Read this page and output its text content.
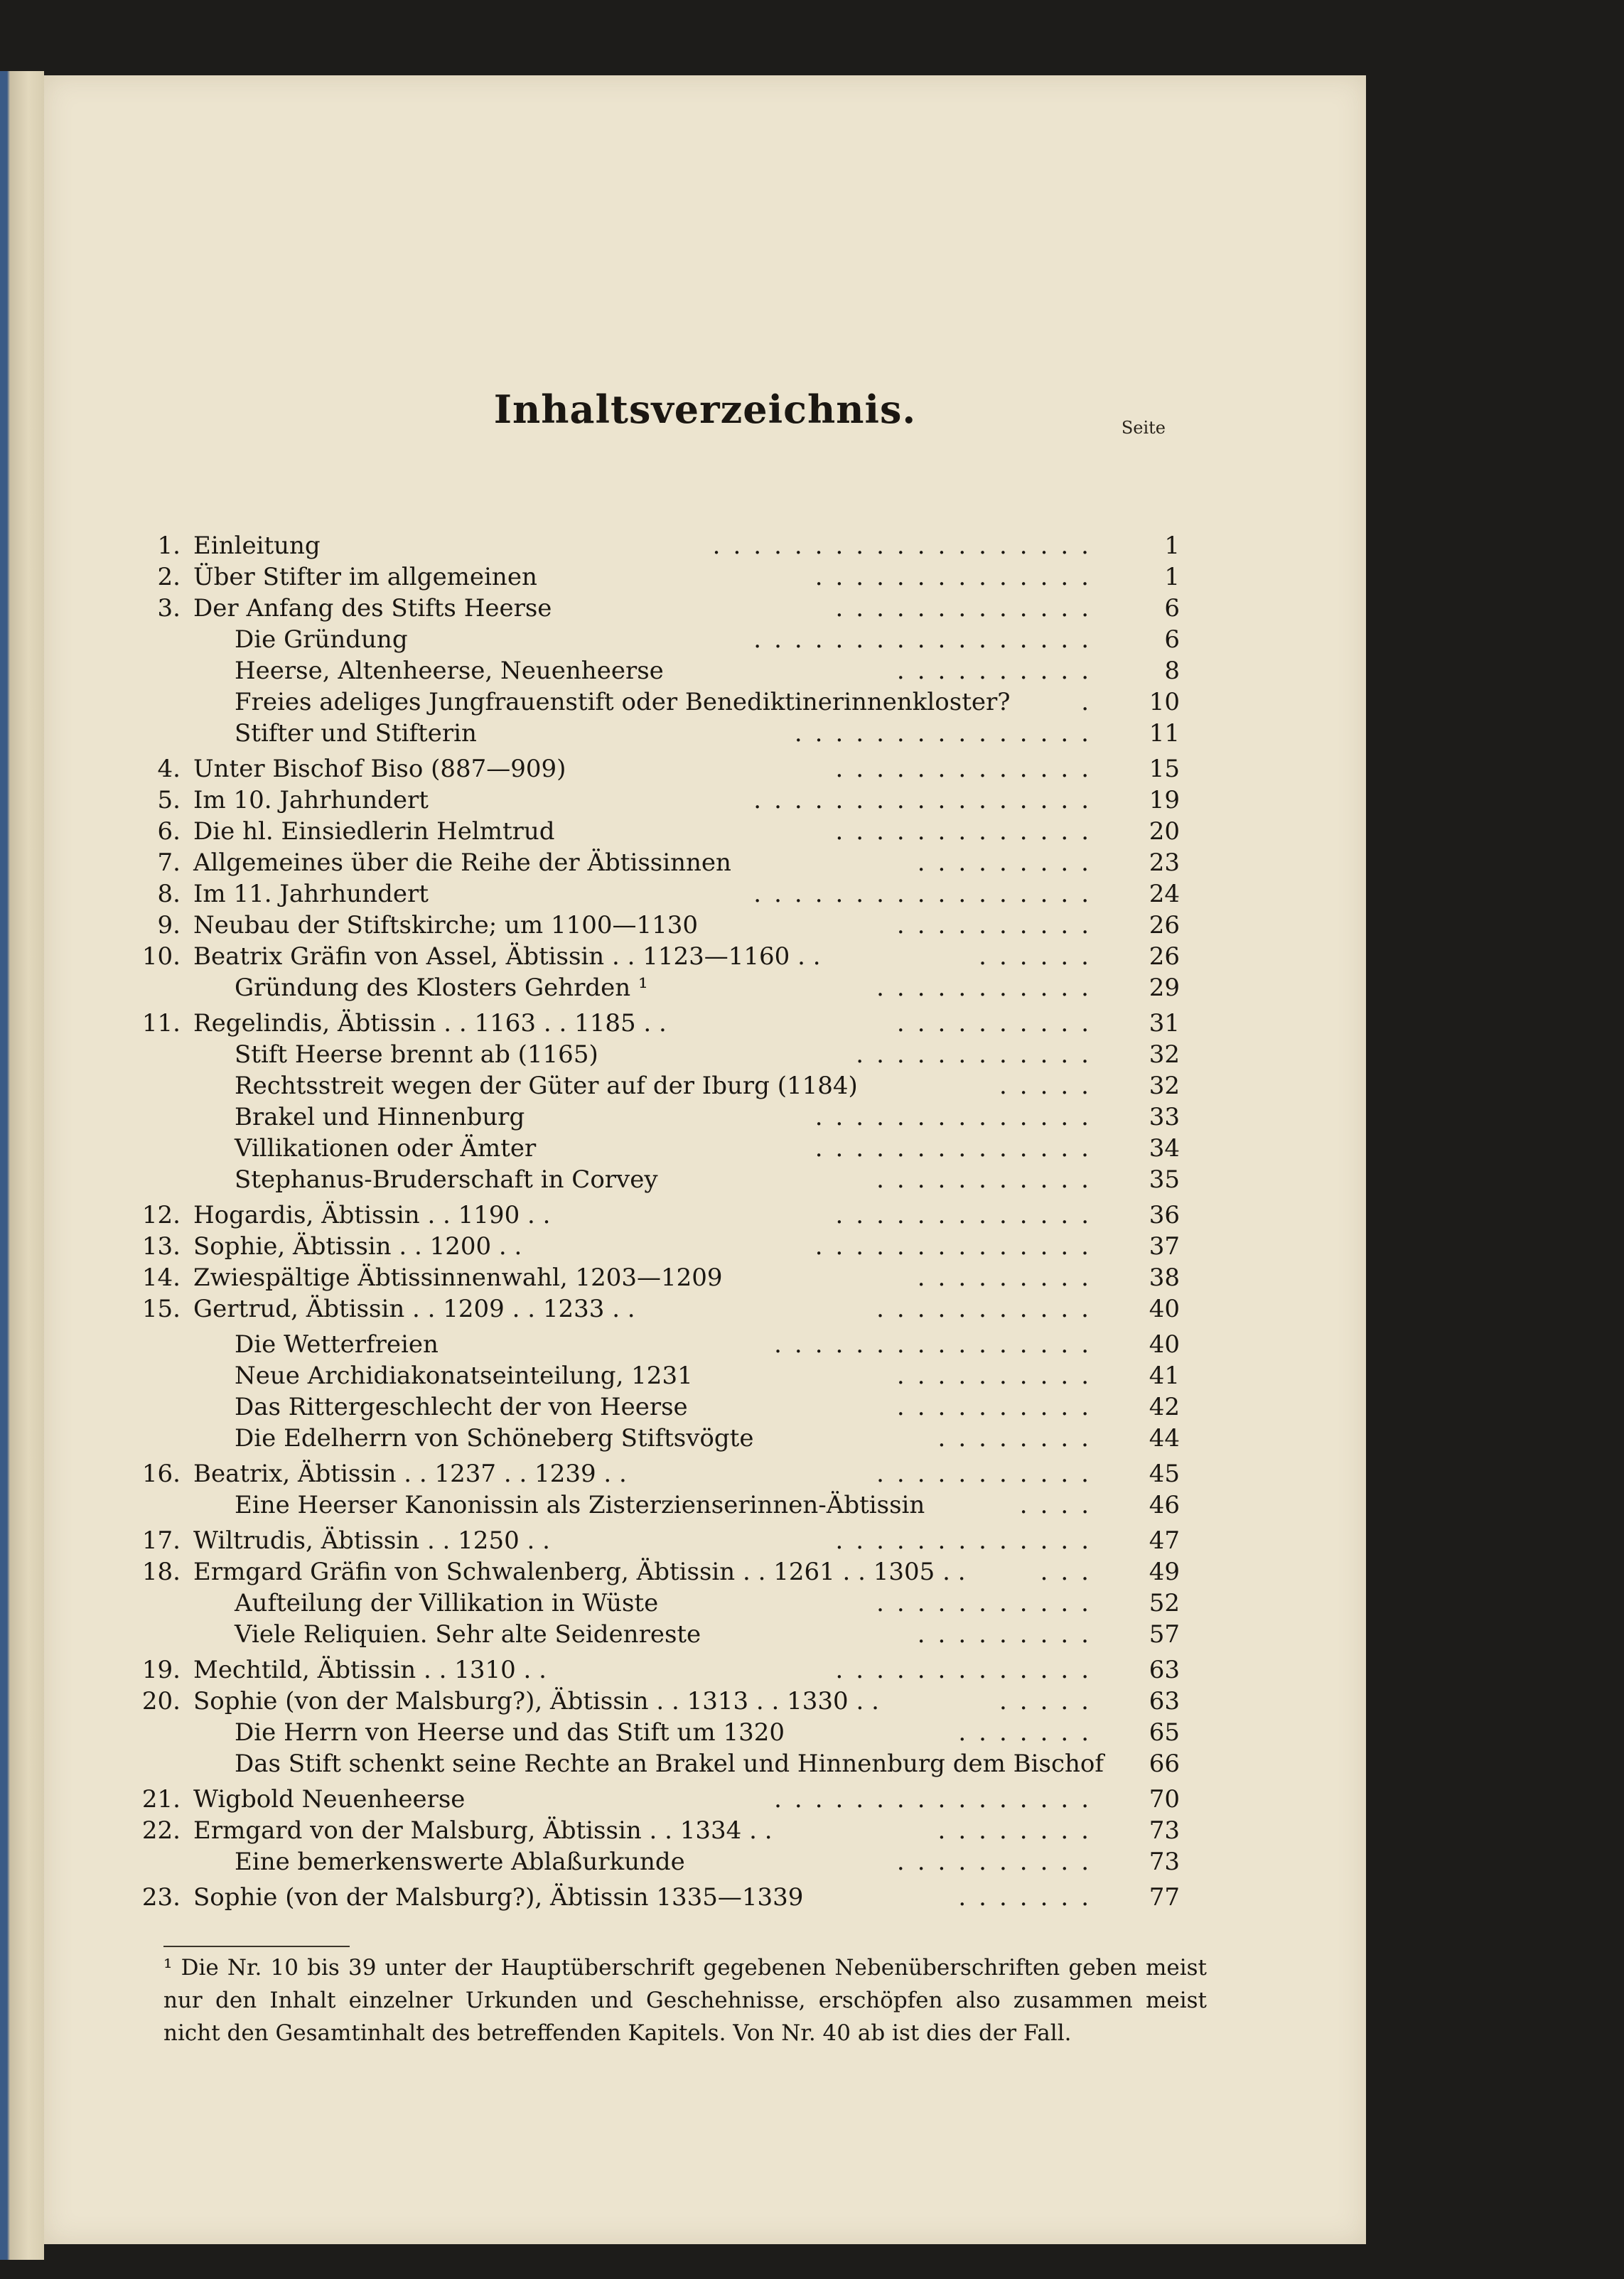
Inhaltsverzeichnis.	Seite
1. Einleitung	1
...................
2. Über Stifter im allgemeinen	1
..............
3. Der Anfang des Stifts Heerse	6
.............
Die Gründung	6
.................
Heerse, Altenheerse, Neuenheerse	8
..........
Freies adeliges Jungfrauenstift oder Benediktinerinnenkloster?	10
.
Stifter und Stifterin	11
...............
4. Unter Bischof Biso (887—909)	15
.............
5. Im 10. Jahrhundert	19
.................
6. Die hl. Einsiedlerin Helmtrud	20
.............
7. Allgemeines über die Reihe der Äbtissinnen	23
.........
8. Im 11. Jahrhundert	24
.................
9. Neubau der Stiftskirche; um 1100—1130	26
..........
10. Beatrix Gräfin von Assel, Äbtissin . . 1123—1160 . .	26
......
Gründung des Klosters Gehrden ¹	29
...........
11. Regelindis, Äbtissin . . 1163 . . 1185 . .	31
..........
Stift Heerse brennt ab (1165)	32
............
Rechtsstreit wegen der Güter auf der Iburg (1184)	32
.....
Brakel und Hinnenburg	33
..............
Villikationen oder Ämter	34
..............
Stephanus-Bruderschaft in Corvey	35
...........
12. Hogardis, Äbtissin . . 1190 . .	36
.............
13. Sophie, Äbtissin . . 1200 . .	37
..............
14. Zwiespältige Äbtissinnenwahl, 1203—1209	38
.........
15. Gertrud, Äbtissin . . 1209 . . 1233 . .	40
...........
Die Wetterfreien	40
................
Neue Archidiakonatseinteilung, 1231	41
..........
Das Rittergeschlecht der von Heerse	42
..........
Die Edelherrn von Schöneberg Stiftsvögte	44
........
16. Beatrix, Äbtissin . . 1237 . . 1239 . .	45
...........
Eine Heerser Kanonissin als Zisterzienserinnen-Äbtissin	46
....
17. Wiltrudis, Äbtissin . . 1250 . .	47
.............
18. Ermgard Gräfin von Schwalenberg, Äbtissin . . 1261 . . 1305 . .	49
...
Aufteilung der Villikation in Wüste	52
...........
Viele Reliquien. Sehr alte Seidenreste	57
.........
19. Mechtild, Äbtissin . . 1310 . .	63
.............
20. Sophie (von der Malsburg?), Äbtissin . . 1313 . . 1330 . .	63
.....
Die Herrn von Heerse und das Stift um 1320	65
.......
Das Stift schenkt seine Rechte an Brakel und Hinnenburg dem Bischof	66
21. Wigbold Neuenheerse	70
................
22. Ermgard von der Malsburg, Äbtissin . . 1334 . .	73
........
Eine bemerkenswerte Ablaßurkunde	73
..........
23. Sophie (von der Malsburg?), Äbtissin 1335—1339	77
.......
¹ Die Nr. 10 bis 39 unter der Hauptüberschrift gegebenen Nebenüberschriften geben meist nur den Inhalt einzelner Urkunden und Geschehnisse, erschöpfen also zusammen meist nicht den Gesamtinhalt des betreffenden Kapitels. Von Nr. 40 ab ist dies der Fall.
